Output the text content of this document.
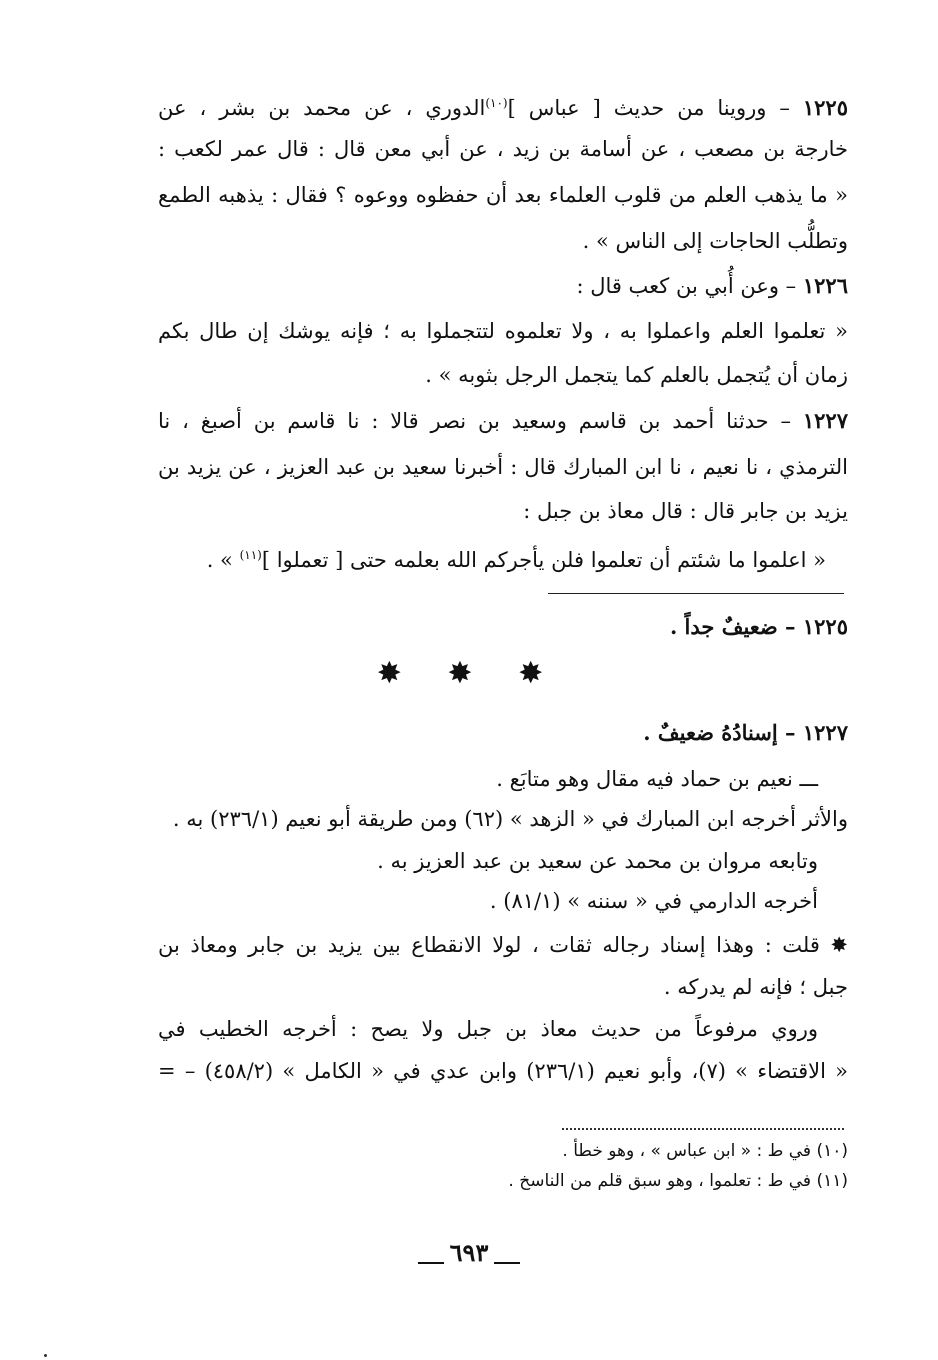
١٢٢٥ – وروينا من حديث [ عباس ]$^{(١٠)}$الدوري ، عن محمد بن بشر ، عن
خارجة بن مصعب ، عن أسامة بن زيد ، عن أبي معن قال : قال عمر لكعب :
« ما يذهب العلم من قلوب العلماء بعد أن حفظوه ووعوه ؟ فقال : يذهبه الطمع
وتطلُّب الحاجات إلى الناس » .
١٢٢٦ – وعن أُبي بن كعب قال :
« تعلموا العلم واعملوا به ، ولا تعلموه لتتجملوا به ؛ فإنه يوشك إن طال بكم
زمان أن يُتجمل بالعلم كما يتجمل الرجل بثوبه » .
١٢٢٧ – حدثنا أحمد بن قاسم وسعيد بن نصر قالا : نا قاسم بن أصبغ ، نا
الترمذي ، نا نعيم ، نا ابن المبارك قال : أخبرنا سعيد بن عبد العزيز ، عن يزيد بن
يزيد بن جابر قال : قال معاذ بن جبل :
« اعلموا ما شئتم أن تعلموا فلن يأجركم الله بعلمه حتى [ تعملوا ]$^{(١١)}$ » .
١٢٢٥ – ضعيفٌ جداً .
✸ ✸ ✸
١٢٢٧ – إسنادُهُ ضعيفٌ .
ـــ نعيم بن حماد فيه مقال وهو متابَع .
والأثر أخرجه ابن المبارك في « الزهد » (٦٢) ومن طريقة أبو نعيم (٢٣٦/١) به .
وتابعه مروان بن محمد عن سعيد بن عبد العزيز به .
أخرجه الدارمي في « سننه » (٨١/١) .
✸ قلت : وهذا إسناد رجاله ثقات ، لولا الانقطاع بين يزيد بن جابر ومعاذ بن
جبل ؛ فإنه لم يدركه .
وروي مرفوعاً من حديث معاذ بن جبل ولا يصح : أخرجه الخطيب في
« الاقتضاء » (٧)، وأبو نعيم (٢٣٦/١) وابن عدي في « الكامل » (٤٥٨/٢) – =
(١٠) في ط : « ابن عباس » ، وهو خطأ .
(١١) في ط : تعلموا ، وهو سبق قلم من الناسخ .
٦٩٣
